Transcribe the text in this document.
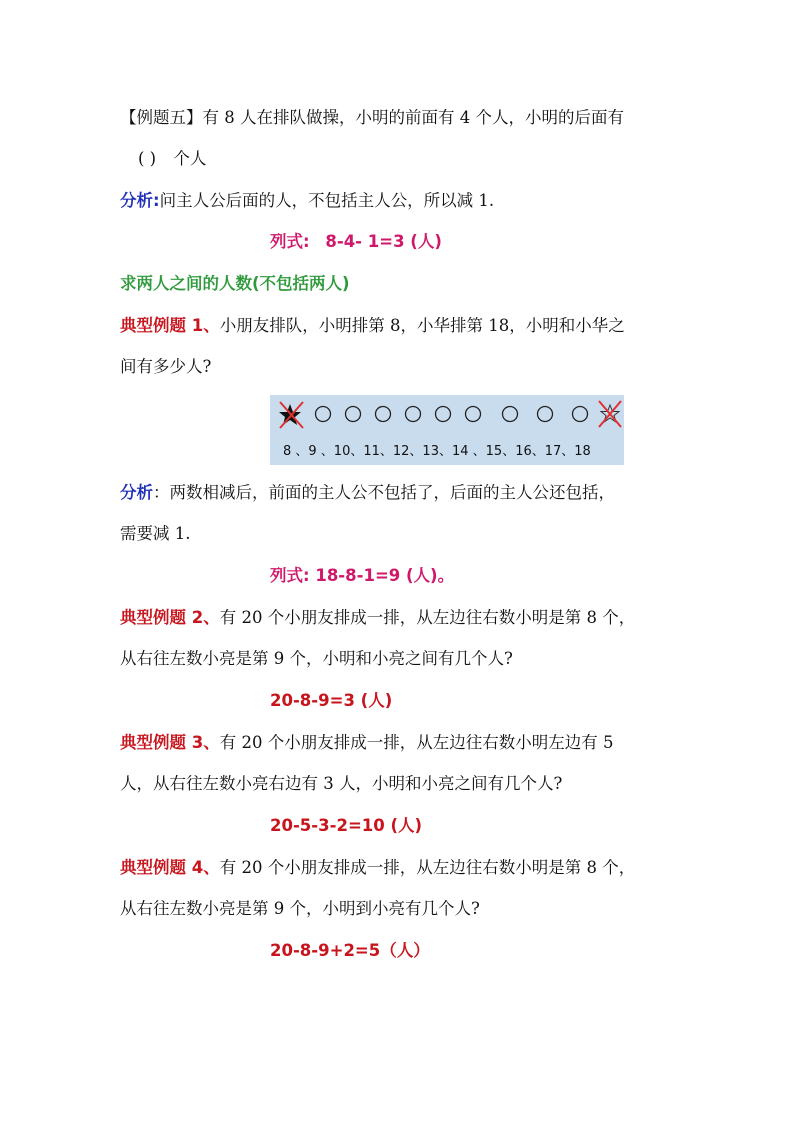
【例题五】有 8 人在排队做操，小明的前面有 4 个人，小明的后面有
( ) 个人
分析:问主人公后面的人，不包括主人公，所以减 1.
列式: 8-4- 1=3 (人)
求两人之间的人数(不包括两人)
典型例题 1、小朋友排队，小明排第 8，小华排第 18，小明和小华之
间有多少人?
8 、9 、10、11、12、13、14 、15、16、17、18
分析：两数相减后，前面的主人公不包括了，后面的主人公还包括，
需要减 1.
列式: 18-8-1=9 (人)。
典型例题 2、有 20 个小朋友排成一排，从左边往右数小明是第 8 个，
从右往左数小亮是第 9 个，小明和小亮之间有几个人?
20-8-9=3 (人)
典型例题 3、有 20 个小朋友排成一排，从左边往右数小明左边有 5
人，从右往左数小亮右边有 3 人，小明和小亮之间有几个人?
20-5-3-2=10 (人)
典型例题 4、有 20 个小朋友排成一排，从左边往右数小明是第 8 个，
从右往左数小亮是第 9 个，小明到小亮有几个人?
20-8-9+2=5（人）
